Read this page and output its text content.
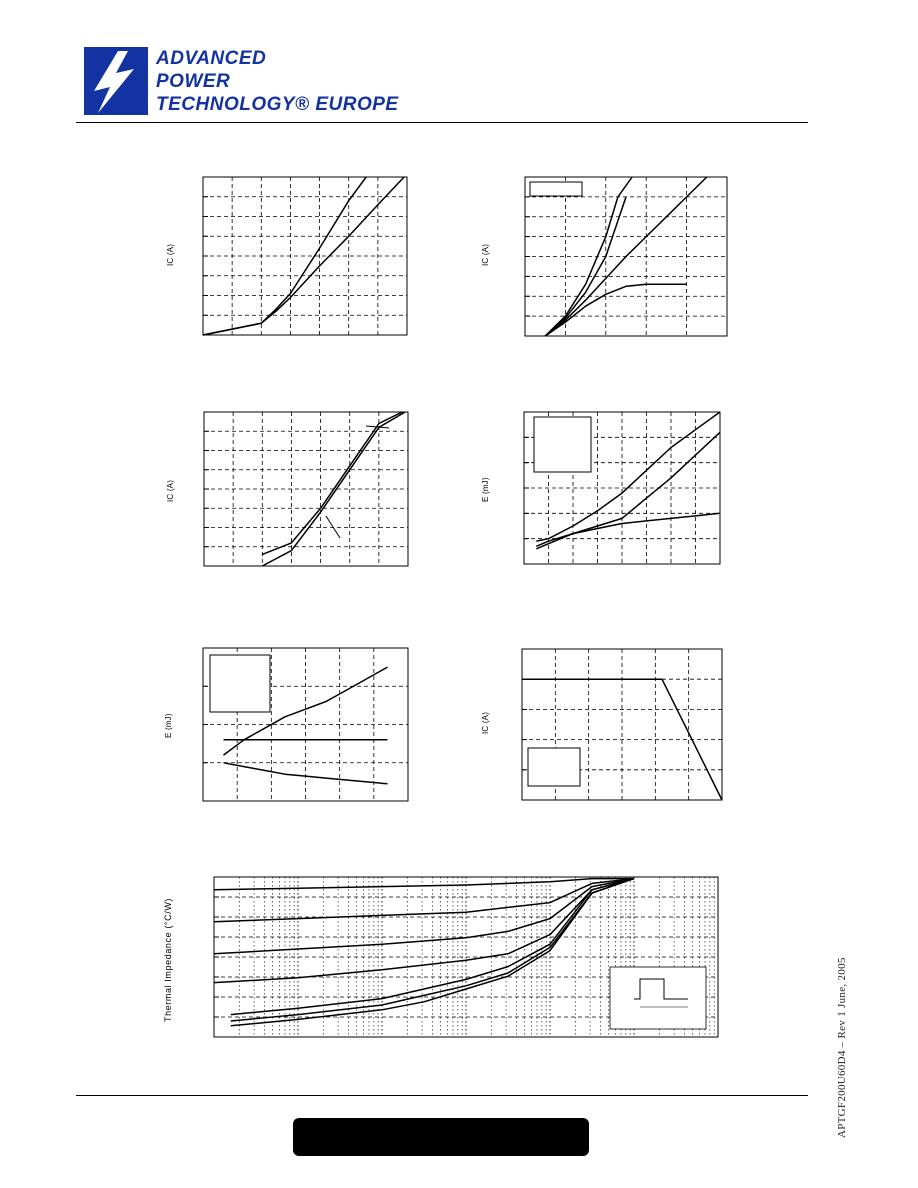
ADVANCED
POWER
TECHNOLOGY® EUROPE
IC (A)	IC (A)
IC (A)	E (mJ)
E (mJ)	IC (A)
Thermal Impedance (°C/W)	APTGF200U60D4 – Rev 1 June, 2005
